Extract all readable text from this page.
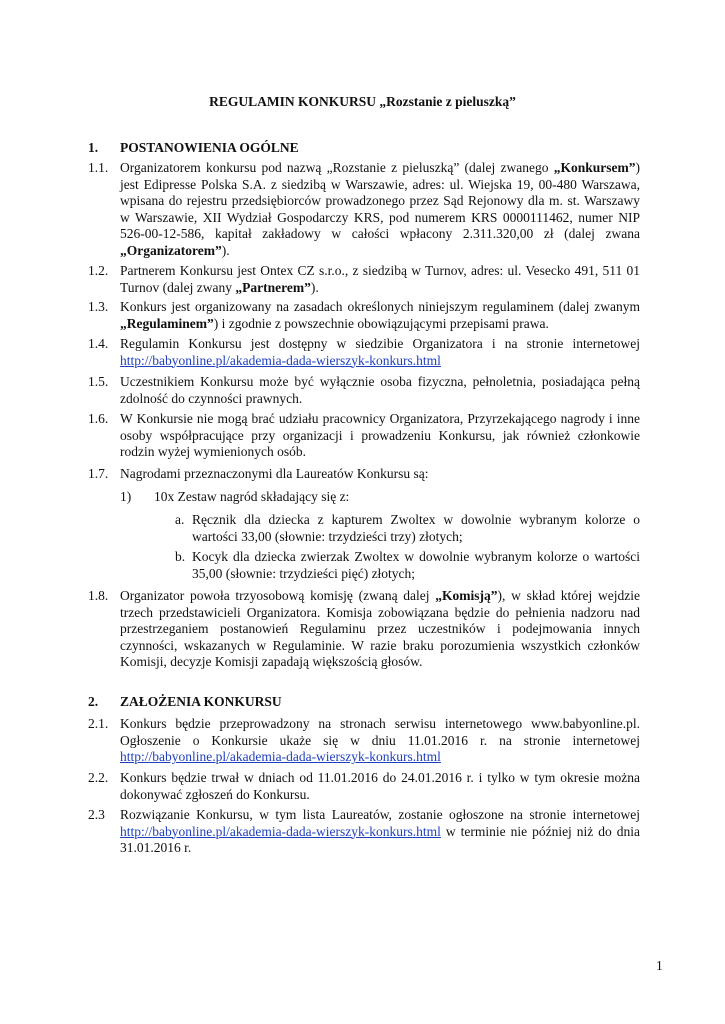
REGULAMIN KONKURSU „Rozstanie z pieluszką”
1. POSTANOWIENIA OGÓLNE
1.1. Organizatorem konkursu pod nazwą „Rozstanie z pieluszką” (dalej zwanego „Konkursem”) jest Edipresse Polska S.A. z siedzibą w Warszawie, adres: ul. Wiejska 19, 00-480 Warszawa, wpisana do rejestru przedsiębiorców prowadzonego przez Sąd Rejonowy dla m. st. Warszawy w Warszawie, XII Wydział Gospodarczy KRS, pod numerem KRS 0000111462, numer NIP 526-00-12-586, kapitał zakładowy w całości wpłacony 2.311.320,00 zł (dalej zwana „Organizatorem”).
1.2. Partnerem Konkursu jest Ontex CZ s.r.o., z siedzibą w Turnov, adres: ul. Vesecko 491, 511 01 Turnov (dalej zwany „Partnerem”).
1.3. Konkurs jest organizowany na zasadach określonych niniejszym regulaminem (dalej zwanym „Regulaminem”) i zgodnie z powszechnie obowiązującymi przepisami prawa.
1.4. Regulamin Konkursu jest dostępny w siedzibie Organizatora i na stronie internetowej http://babyonline.pl/akademia-dada-wierszyk-konkurs.html
1.5. Uczestnikiem Konkursu może być wyłącznie osoba fizyczna, pełnoletnia, posiadająca pełną zdolność do czynności prawnych.
1.6. W Konkursie nie mogą brać udziału pracownicy Organizatora, Przyrzekającego nagrody i inne osoby współpracujące przy organizacji i prowadzeniu Konkursu, jak również członkowie rodzin wyżej wymienionych osób.
1.7. Nagrodami przeznaczonymi dla Laureatów Konkursu są:
1) 10x Zestaw nagród składający się z:
a. Ręcznik dla dziecka z kapturem Zwoltex w dowolnie wybranym kolorze o wartości 33,00 (słownie: trzydzieści trzy) złotych;
b. Kocyk dla dziecka zwierzak Zwoltex w dowolnie wybranym kolorze o wartości 35,00 (słownie: trzydzieści pięć) złotych;
1.8. Organizator powoła trzyosobową komisję (zwaną dalej „Komisją”), w skład której wejdzie trzech przedstawicieli Organizatora. Komisja zobowiązana będzie do pełnienia nadzoru nad przestrzeganiem postanowień Regulaminu przez uczestników i podejmowania innych czynności, wskazanych w Regulaminie. W razie braku porozumienia wszystkich członków Komisji, decyzje Komisji zapadają większością głosów.
2. ZAŁOŻENIA KONKURSU
2.1. Konkurs będzie przeprowadzony na stronach serwisu internetowego www.babyonline.pl. Ogłoszenie o Konkursie ukaże się w dniu 11.01.2016 r. na stronie internetowej http://babyonline.pl/akademia-dada-wierszyk-konkurs.html
2.2. Konkurs będzie trwał w dniach od 11.01.2016 do 24.01.2016 r. i tylko w tym okresie można dokonywać zgłoszeń do Konkursu.
2.3 Rozwiązanie Konkursu, w tym lista Laureatów, zostanie ogłoszone na stronie internetowej http://babyonline.pl/akademia-dada-wierszyk-konkurs.html w terminie nie później niż do dnia 31.01.2016 r.
1
